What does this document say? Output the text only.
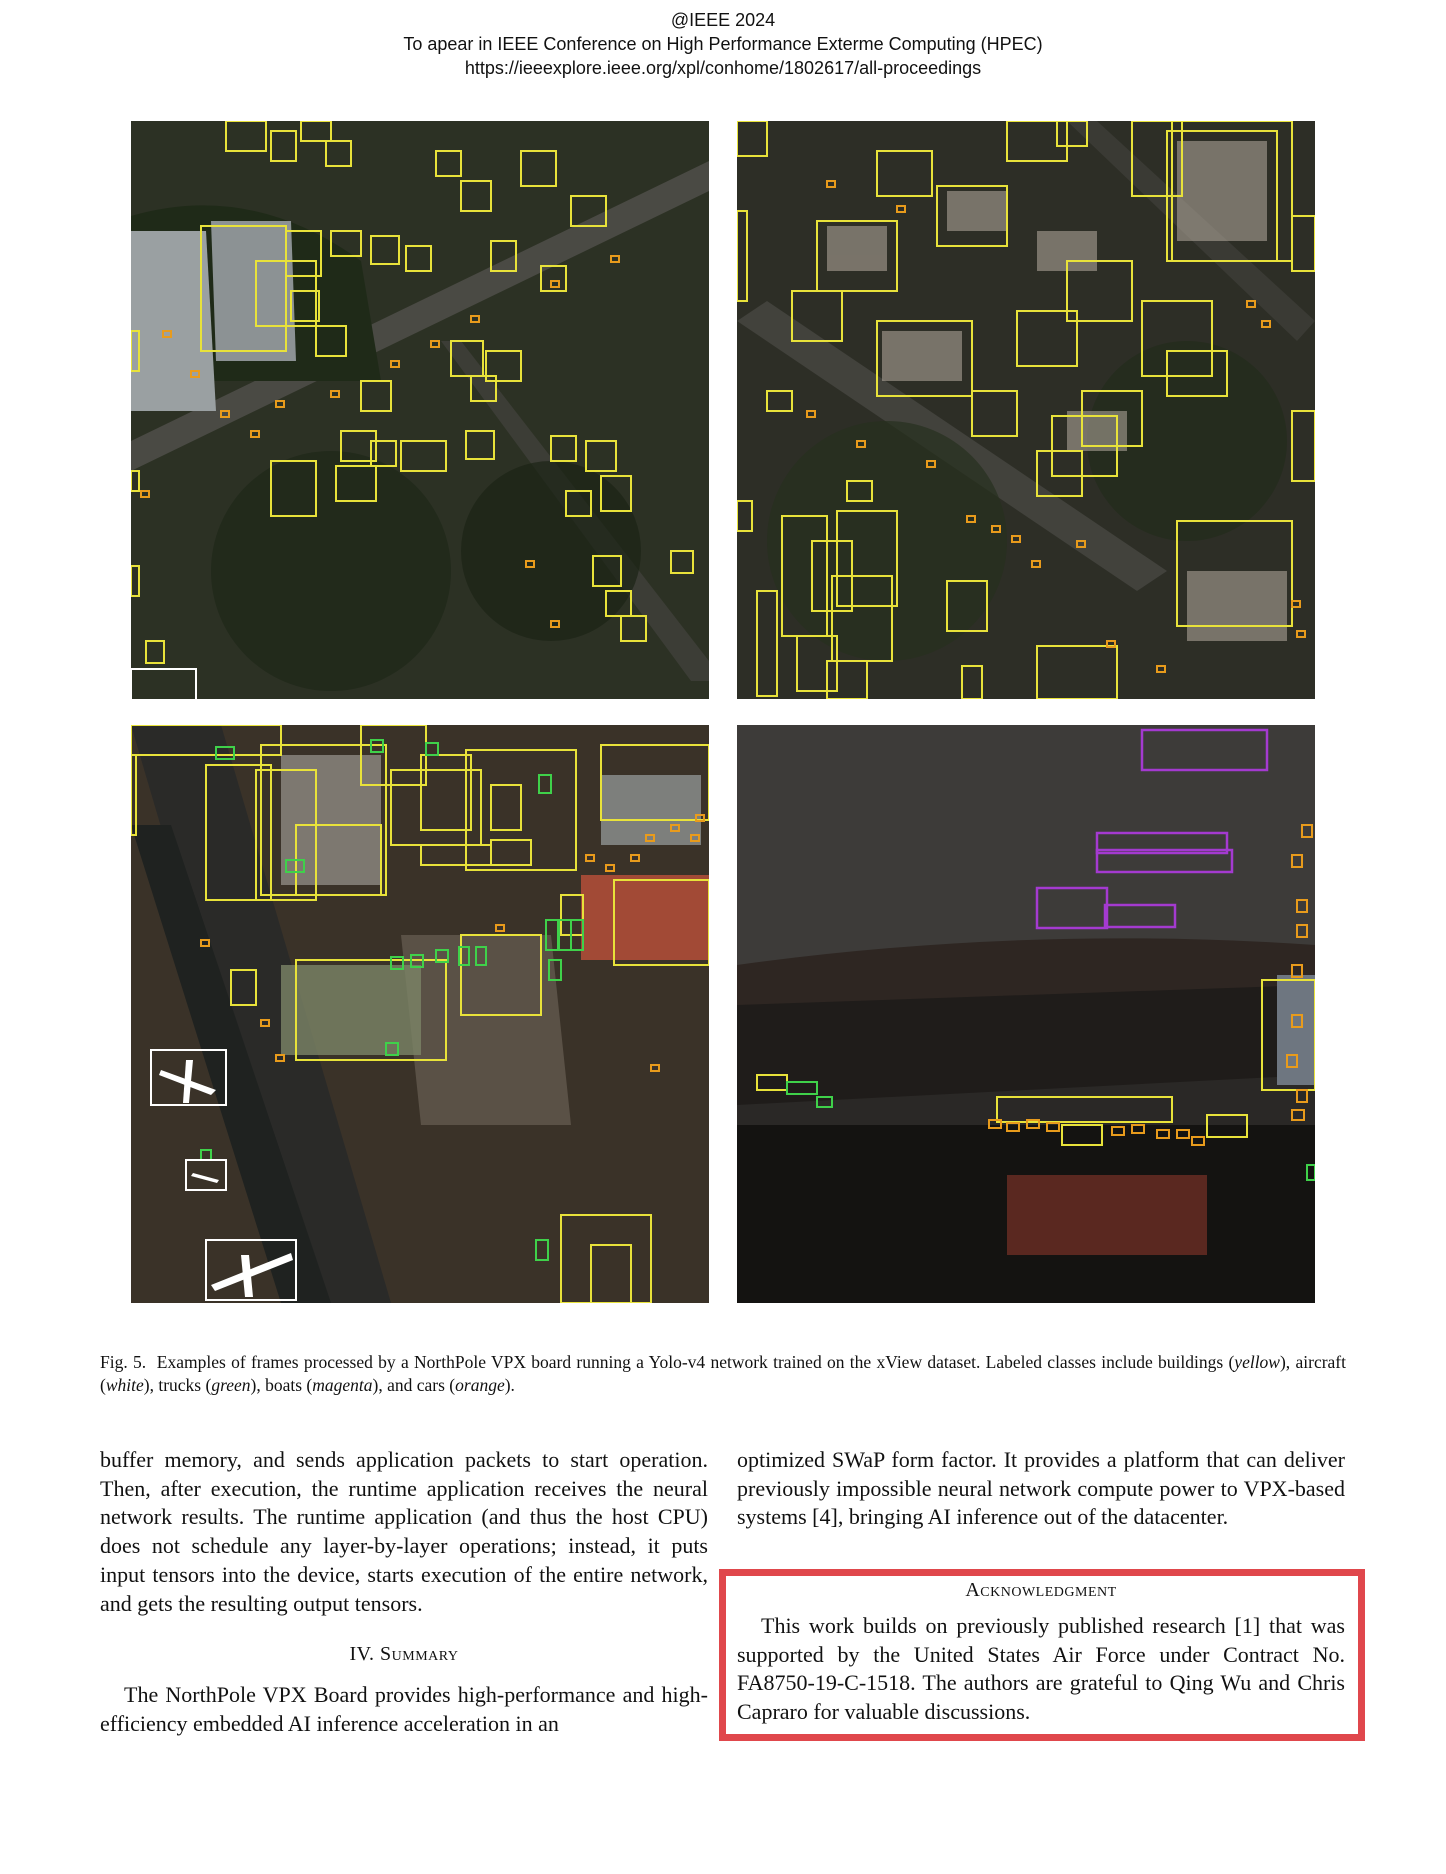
@IEEE 2024
To apear in IEEE Conference on High Performance Exterme Computing (HPEC)
https://ieeexplore.ieee.org/xpl/conhome/1802617/all-proceedings
Fig. 5. Examples of frames processed by a NorthPole VPX board running a Yolo-v4 network trained on the xView dataset. Labeled classes include buildings (yellow), aircraft (white), trucks (green), boats (magenta), and cars (orange).

buffer memory, and sends application packets to start operation. Then, after execution, the runtime application receives the neural network results. The runtime application (and thus the host CPU) does not schedule any layer-by-layer operations; instead, it puts input tensors into the device, starts execution of the entire network, and gets the resulting output tensors.

IV. Summary

The NorthPole VPX Board provides high-performance and high-efficiency embedded AI inference acceleration in an

optimized SWaP form factor. It provides a platform that can deliver previously impossible neural network compute power to VPX-based systems [4], bringing AI inference out of the datacenter.

Acknowledgment

This work builds on previously published research [1] that was supported by the United States Air Force under Contract No. FA8750-19-C-1518. The authors are grateful to Qing Wu and Chris Capraro for valuable discussions.
